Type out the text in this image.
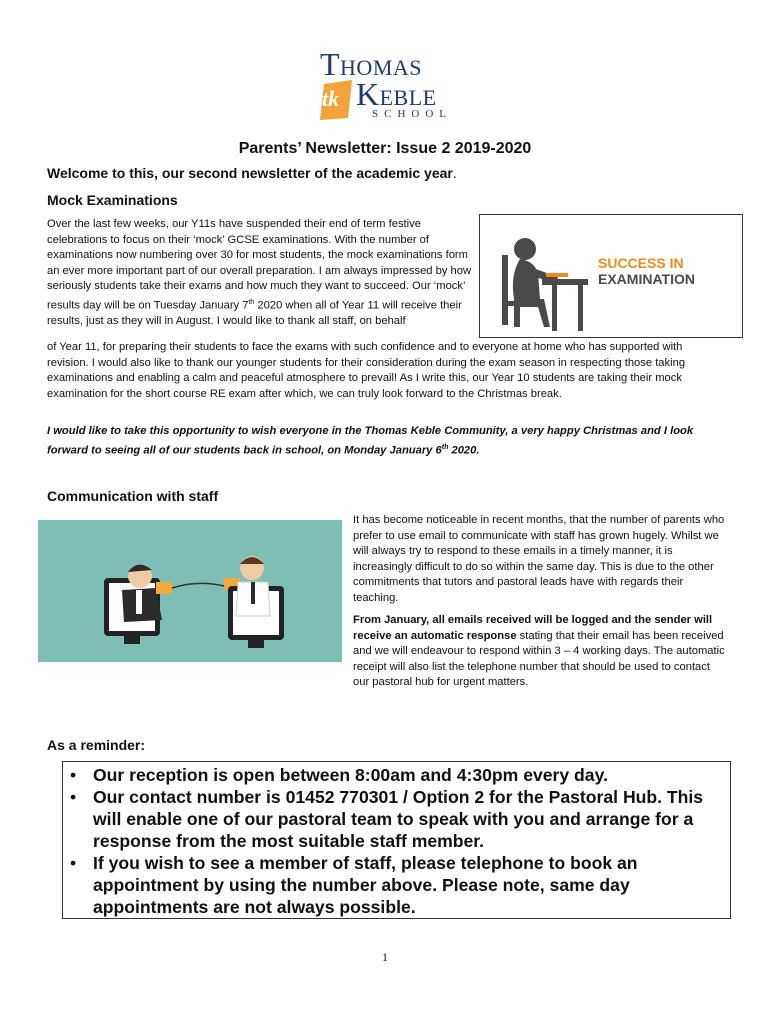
tk
Thomas
Keble
SCHOOL
Parents’ Newsletter: Issue 2 2019-2020
Welcome to this, our second newsletter of the academic year.
Mock Examinations

Over the last few weeks, our Y11s have suspended their end of term festive celebrations to focus on their ‘mock’ GCSE examinations. With the number of examinations now numbering over 30 for most students, the mock examinations form an ever more important part of our overall preparation. I am always impressed by how seriously students take their exams and how much they want to succeed. Our ‘mock’ results day will be on Tuesday January 7th 2020 when all of Year 11 will receive their results, just as they will in August. I would like to thank all staff, on behalf

SUCCESS IN
EXAMINATION

of Year 11, for preparing their students to face the exams with such confidence and to everyone at home who has supported with revision. I would also like to thank our younger students for their consideration during the exam season in respecting those taking examinations and enabling a calm and peaceful atmosphere to prevail! As I write this, our Year 10 students are taking their mock examination for the short course RE exam after which, we can truly look forward to the Christmas break.

I would like to take this opportunity to wish everyone in the Thomas Keble Community, a very happy Christmas and I look forward to seeing all of our students back in school, on Monday January 6th 2020.

Communication with staff

It has become noticeable in recent months, that the number of parents who prefer to use email to communicate with staff has grown hugely. Whilst we will always try to respond to these emails in a timely manner, it is increasingly difficult to do so within the same day. This is due to the other commitments that tutors and pastoral leads have with regards their teaching.

From January, all emails received will be logged and the sender will receive an automatic response stating that their email has been received and we will endeavour to respond within 3 – 4 working days. The automatic receipt will also list the telephone number that should be used to contact our pastoral hub for urgent matters.

As a reminder:
• Our reception is open between 8:00am and 4:30pm every day.
• Our contact number is 01452 770301 / Option 2 for the Pastoral Hub. This will enable one of our pastoral team to speak with you and arrange for a response from the most suitable staff member.
• If you wish to see a member of staff, please telephone to book an appointment by using the number above. Please note, same day appointments are not always possible.
1
